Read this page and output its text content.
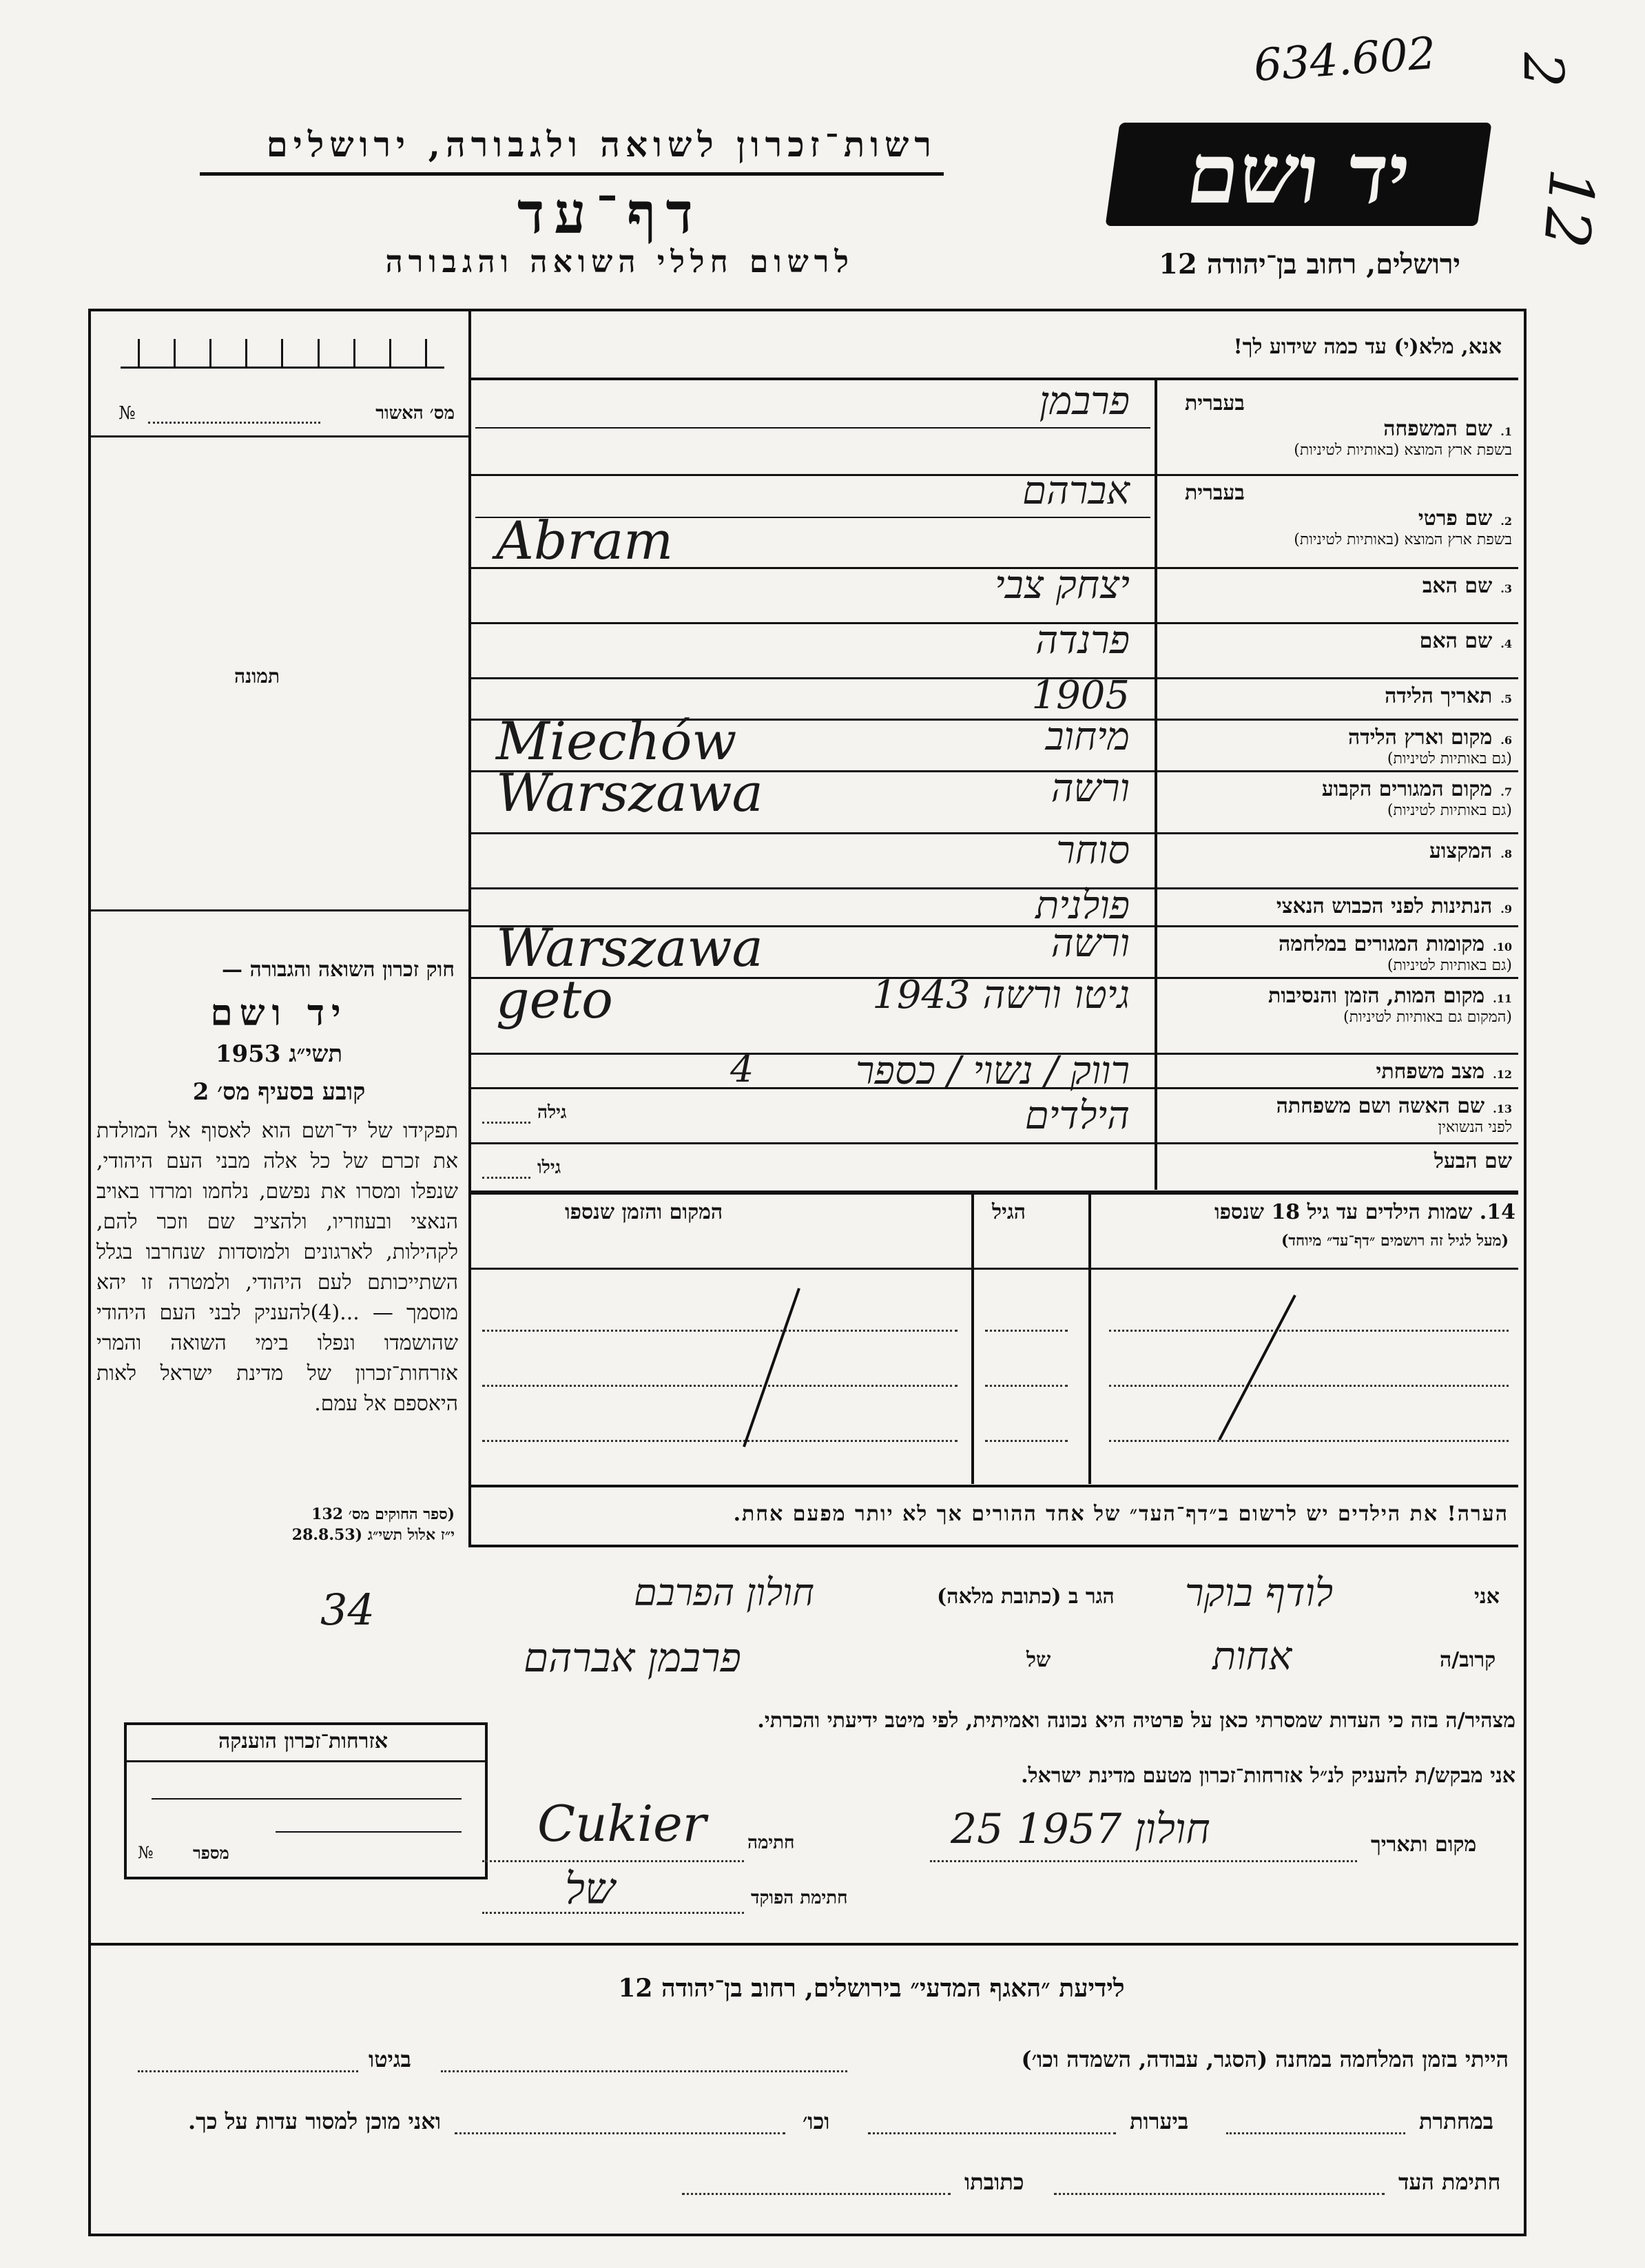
634.602 2
12
רשות־זכרון לשואה ולגבורה, ירושלים
דף־עד
לרשום חללי השואה והגבורה
יד ושם
ירושלים, רחוב בן־יהודה 12
מס׳ האשור
№
תמונה
חוק זכרון השואה והגבורה —
יד ושם
תשי״ג 1953
קובע בסעיף מס׳ 2
תפקידו של יד־ושם הוא לאסוף אל המולדת את זכרם של כל אלה מבני העם היהודי, שנפלו ומסרו את נפשם, נלחמו ומרדו באויב הנאצי ובעוזריו, ולהציב שם וזכר להם, לקהילות, לארגונים ולמוסדות שנחרבו בגלל השתייכותם לעם היהודי, ולמטרה זו יהא מוסמך — ...(4)להעניק לבני העם היהודי שהושמדו ונפלו בימי השואה והמרי אזרחות־זכרון של מדינת ישראל לאות היאספם אל עמם.
(ספר החוקים מס׳ 132
י״ז אלול תשי״ג (28.8.53
אזרחות־זכרון הוענקה
מספר
№
אנא, מלא(י) עד כמה שידוע לך!
1.שם המשפחה
בשפת ארץ המוצא (באותיות לטיניות)
בעברית
פרבמן
2.שם פרטי
בשפת ארץ המוצא (באותיות לטיניות)
בעברית
אברהם
Abram
3.שם האב
יצחק צבי
4.שם האם
פרנדה
5.תאריך הלידה
1905
6.מקום וארץ הלידה
(גם באותיות לטיניות)
מיחוב
Miechów
7.מקום המגורים הקבוע
(גם באותיות לטיניות)
ורשה
Warszawa
8.המקצוע
סוחר
9.הנתינות לפני הכבוש הנאצי
פולנית
10.מקומות המגורים במלחמה
(גם באותיות לטיניות)
ורשה
Warszawa
11.מקום המות, הזמן והנסיבות
(המקום גם באותיות לטיניות)
גיטו ורשה 1943
geto
12.מצב משפחתי
רווק / נשוי / כספר הילדים
4
13.שם האשה ושם משפחתה
לפני הנשואין
גילה
שם הבעל
גילו
14. שמות הילדים עד גיל 18 שנספו
(מעל לגיל זה רושמים ״דף־עד״ מיוחד)
הגיל
המקום והזמן שנספו
הערה! את הילדים יש לרשום ב״דף־העד״ של אחד ההורים אך לא יותר מפעם אחת.
אני
לודף בוקר
הגר ב (כתובת מלאה)
חולון הפרבם
34
קרוב/ה
אחות
של
פרבמן אברהם
מצהיר/ה בזה כי העדות שמסרתי כאן על פרטיה היא נכונה ואמיתית, לפי מיטב ידיעתי והכרתי.
אני מבקש/ת להעניק לנ״ל אזרחות־זכרון מטעם מדינת ישראל.
מקום ותאריך
חולון 1957 25
חתימה
Cukier
חתימת הפוקד
של
לידיעת ״האגף המדעי״ בירושלים, רחוב בן־יהודה 12
הייתי בזמן המלחמה במחנה (הסגר, עבודה, השמדה וכו׳)
בגיטו
במחתרת
ביערות
וכו׳
ואני מוכן למסור עדות על כך.
חתימת העד
כתובתו
